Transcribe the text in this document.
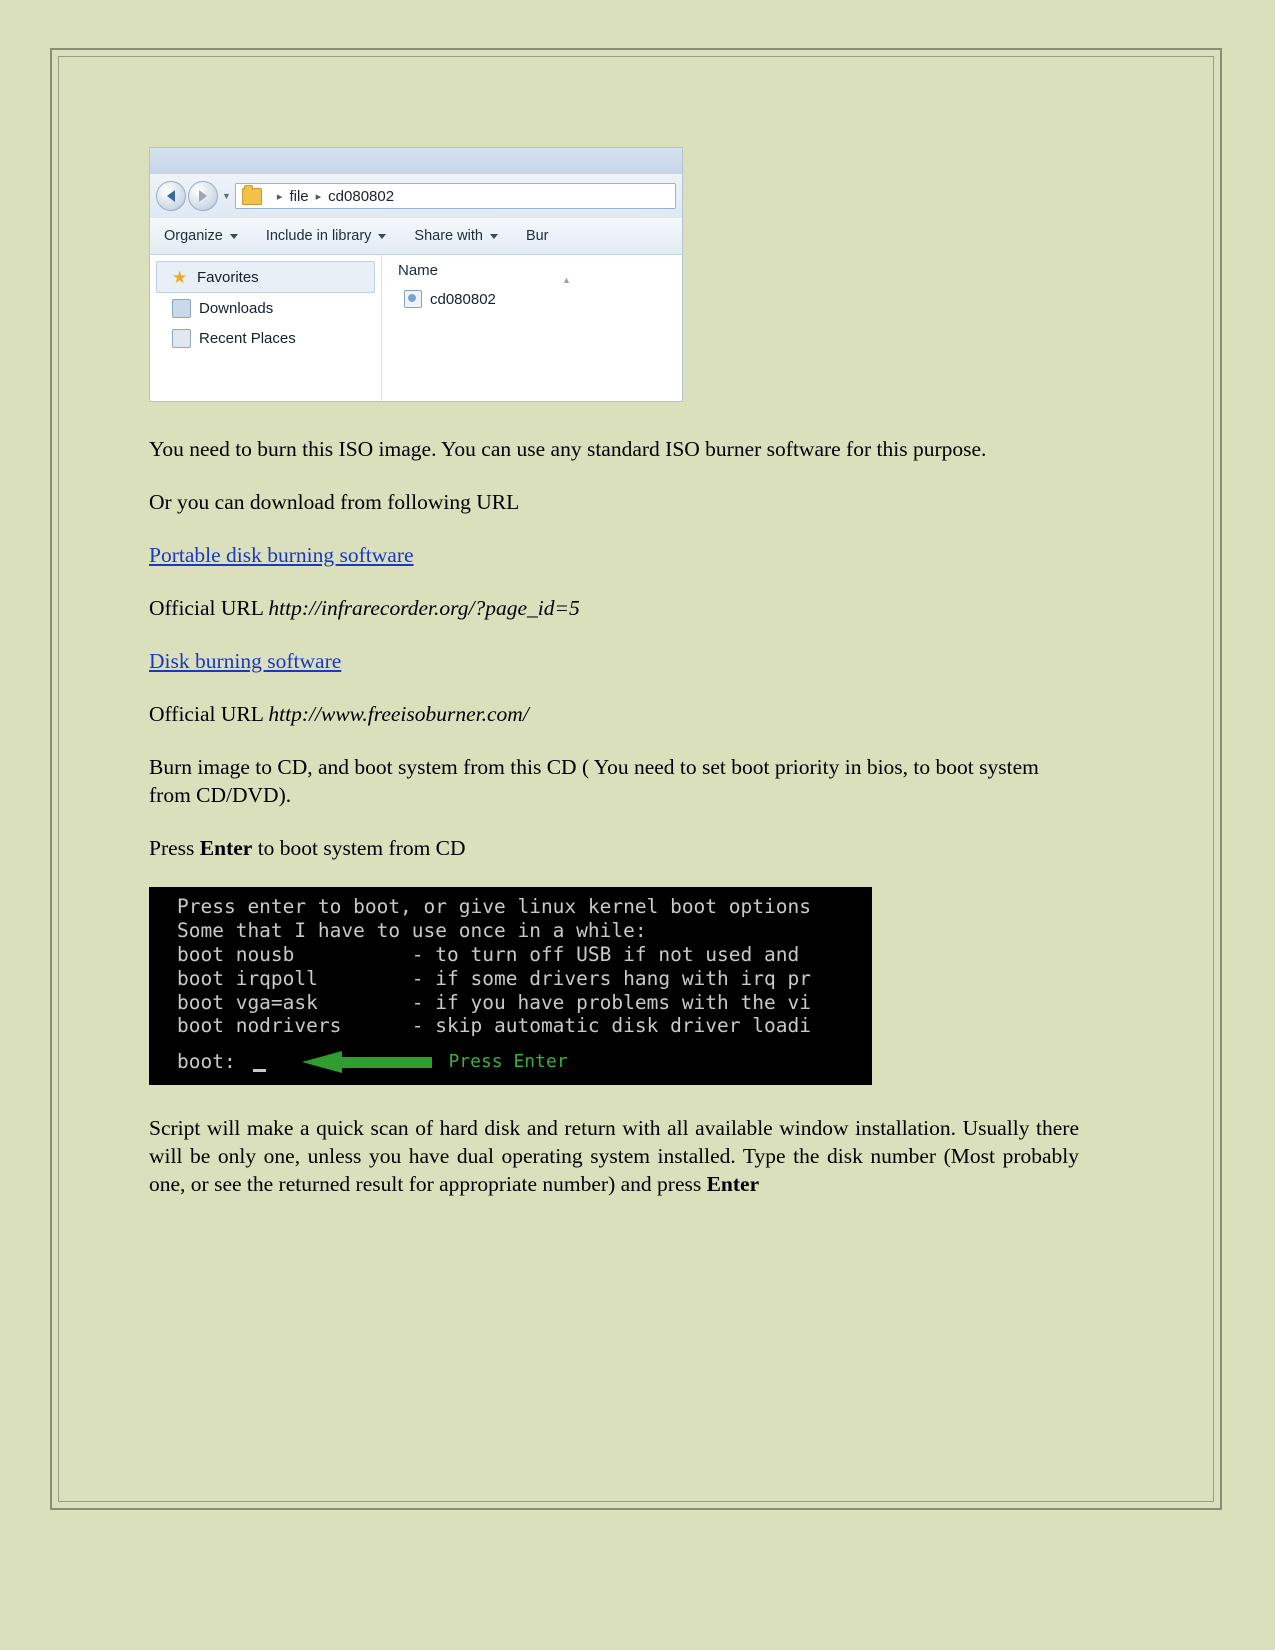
▼	▸ file ▸ cd080802
Organize	Include in library	Share with	Bur
★ Favorites
Downloads
Recent Places
Name
▲
cd080802

You need to burn this ISO image. You can use any standard ISO burner software for this purpose.

Or you can download from following URL

Portable disk burning software

Official URL http://infrarecorder.org/?page_id=5

Disk burning software

Official URL http://www.freeisoburner.com/

Burn image to CD, and boot system from this CD ( You need to set boot priority in bios, to boot system from CD/DVD).

Press Enter to boot system from CD

Press enter to boot, or give linux kernel boot options
Some that I have to use once in a while:
boot nousb          - to turn off USB if not used and
boot irqpoll        - if some drivers hang with irq pr
boot vga=ask        - if you have problems with the vi
boot nodrivers      - skip automatic disk driver loadi
boot:	Press Enter

Script will make a quick scan of hard disk and return with all available window installation. Usually there will be only one, unless you have dual operating system installed. Type the disk number (Most probably one, or see the returned result for appropriate number) and press Enter
